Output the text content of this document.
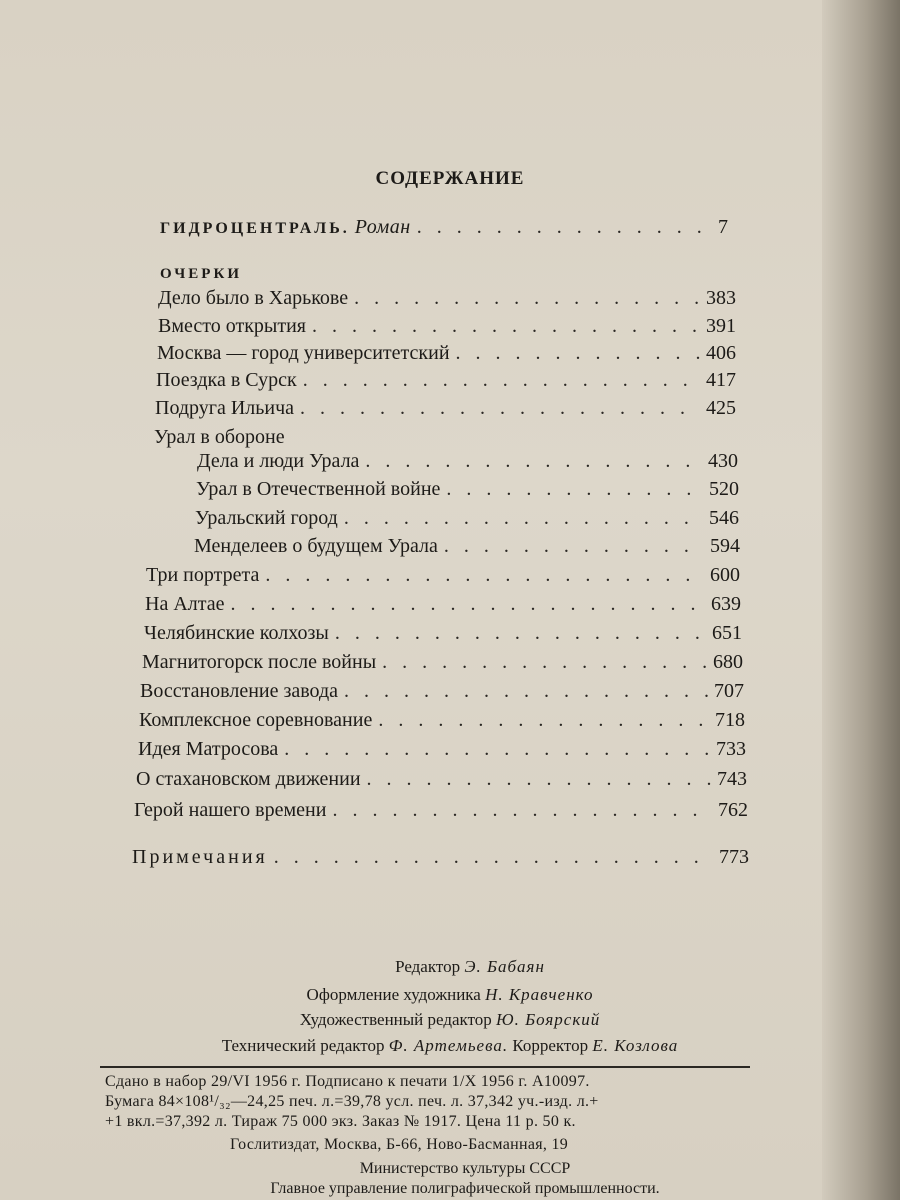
СОДЕРЖАНИЕ
ГИДРОЦЕНТРАЛЬ. Роман . . .	7
ОЧЕРКИ
Дело было в Харькове . . .	383
Вместо открытия . . .	391
Москва — город университетский . . .	406
Поездка в Сурск . . .	417
Подруга Ильича . . .	425
Урал в обороне
Дела и люди Урала . . .	430
Урал в Отечественной войне . . .	520
Уральский город . . .	546
Менделеев о будущем Урала . . .	594
Три портрета . . .	600
На Алтае . . .	639
Челябинские колхозы . . .	651
Магнитогорск после войны . . .	680
Восстановление завода . . .	707
Комплексное соревнование . . .	718
Идея Матросова . . .	733
О стахановском движении . . .	743
Герой нашего времени . . .	762
Примечания . . .	773
Редактор Э. Бабаян
Оформление художника Н. Кравченко
Художественный редактор Ю. Боярский
Технический редактор Ф. Артемьева. Корректор Е. Козлова
Сдано в набор 29/VI 1956 г. Подписано к печати 1/X 1956 г. А10097.
Бумага 84×108¹/₃₂—24,25 печ. л.=39,78 усл. печ. л. 37,342 уч.-изд. л.+
+1 вкл.=37,392 л. Тираж 75 000 экз. Заказ № 1917. Цена 11 р. 50 к.
Гослитиздат, Москва, Б-66, Ново-Басманная, 19
Министерство культуры СССР
Главное управление полиграфической промышленности.
